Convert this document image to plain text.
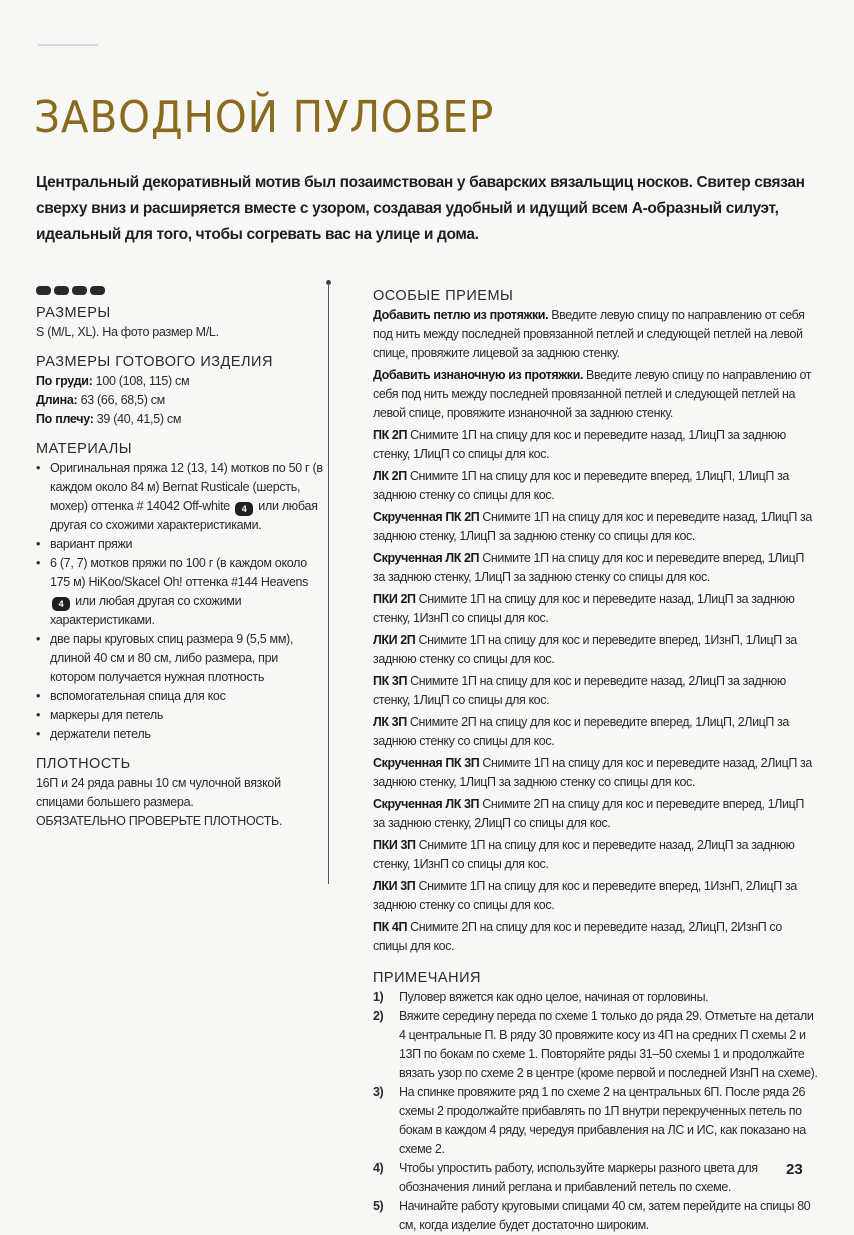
ЗАВОДНОЙ ПУЛОВЕР

Центральный декоративный мотив был позаимствован у баварских вязальщиц носков. Свитер связан сверху вниз и расширяется вместе с узором, создавая удобный и идущий всем А-образный силуэт, идеальный для того, чтобы согревать вас на улице и дома.

РАЗМЕРЫ

S (M/L, XL). На фото размер M/L.

РАЗМЕРЫ ГОТОВОГО ИЗДЕЛИЯ

По груди: 100 (108, 115) см

Длина: 63 (66, 68,5) см

По плечу: 39 (40, 41,5) см

МАТЕРИАЛЫ
• Оригинальная пряжа 12 (13, 14) мотков по 50 г (в каждом около 84 м) Bernat Rusticale (шерсть, мохер) оттенка # 14042 Off-white 4 или любая другая со схожими характеристиками.
• вариант пряжи
• 6 (7, 7) мотков пряжи по 100 г (в каждом около 175 м) HiKoo/Skacel Oh! оттенка #144 Heavens 4 или любая другая со схожими характеристиками.
• две пары круговых спиц размера 9 (5,5 мм), длиной 40 см и 80 см, либо размера, при котором получается нужная плотность
• вспомогательная спица для кос
• маркеры для петель
• держатели петель
ПЛОТНОСТЬ

16П и 24 ряда равны 10 см чулочной вязкой спицами большего размера.

ОБЯЗАТЕЛЬНО ПРОВЕРЬТЕ ПЛОТНОСТЬ.

ОСОБЫЕ ПРИЕМЫ

Добавить петлю из протяжки. Введите левую спицу по направлению от себя под нить между последней провязанной петлей и следующей петлей на левой спице, провяжите лицевой за заднюю стенку.

Добавить изнаночную из протяжки. Введите левую спицу по направлению от себя под нить между последней провязанной петлей и следующей петлей на левой спице, провяжите изнаночной за заднюю стенку.

ПК 2П Снимите 1П на спицу для кос и переведите назад, 1ЛицП за заднюю стенку, 1ЛицП со спицы для кос.

ЛК 2П Снимите 1П на спицу для кос и переведите вперед, 1ЛицП, 1ЛицП за заднюю стенку со спицы для кос.

Скрученная ПК 2П Снимите 1П на спицу для кос и переведите назад, 1ЛицП за заднюю стенку, 1ЛицП за заднюю стенку со спицы для кос.

Скрученная ЛК 2П Снимите 1П на спицу для кос и переведите вперед, 1ЛицП за заднюю стенку, 1ЛицП за заднюю стенку со спицы для кос.

ПКИ 2П Снимите 1П на спицу для кос и переведите назад, 1ЛицП за заднюю стенку, 1ИзнП со спицы для кос.

ЛКИ 2П Снимите 1П на спицу для кос и переведите вперед, 1ИзнП, 1ЛицП за заднюю стенку со спицы для кос.

ПК 3П Снимите 1П на спицу для кос и переведите назад, 2ЛицП за заднюю стенку, 1ЛицП со спицы для кос.

ЛК 3П Снимите 2П на спицу для кос и переведите вперед, 1ЛицП, 2ЛицП за заднюю стенку со спицы для кос.

Скрученная ПК 3П Снимите 1П на спицу для кос и переведите назад, 2ЛицП за заднюю стенку, 1ЛицП за заднюю стенку со спицы для кос.

Скрученная ЛК 3П Снимите 2П на спицу для кос и переведите вперед, 1ЛицП за заднюю стенку, 2ЛицП со спицы для кос.

ПКИ 3П Снимите 1П на спицу для кос и переведите назад, 2ЛицП за заднюю стенку, 1ИзнП со спицы для кос.

ЛКИ 3П Снимите 1П на спицу для кос и переведите вперед, 1ИзнП, 2ЛицП за заднюю стенку со спицы для кос.

ПК 4П Снимите 2П на спицу для кос и переведите назад, 2ЛицП, 2ИзнП со спицы для кос.

ПРИМЕЧАНИЯ
1) Пуловер вяжется как одно целое, начиная от горловины.
2) Вяжите середину переда по схеме 1 только до ряда 29. Отметьте на детали 4 центральные П. В ряду 30 провяжите косу из 4П на средних П схемы 2 и 13П по бокам по схеме 1. Повторяйте ряды 31–50 схемы 1 и продолжайте вязать узор по схеме 2 в центре (кроме первой и последней ИзнП на схеме).
3) На спинке провяжите ряд 1 по схеме 2 на центральных 6П. После ряда 26 схемы 2 продолжайте прибавлять по 1П внутри перекрученных петель по бокам в каждом 4 ряду, чередуя прибавления на ЛС и ИС, как показано на схеме 2.
4) Чтобы упростить работу, используйте маркеры разного цвета для обозначения линий реглана и прибавлений петель по схеме.
5) Начинайте работу круговыми спицами 40 см, затем перейдите на спицы 80 см, когда изделие будет достаточно широким.
23
